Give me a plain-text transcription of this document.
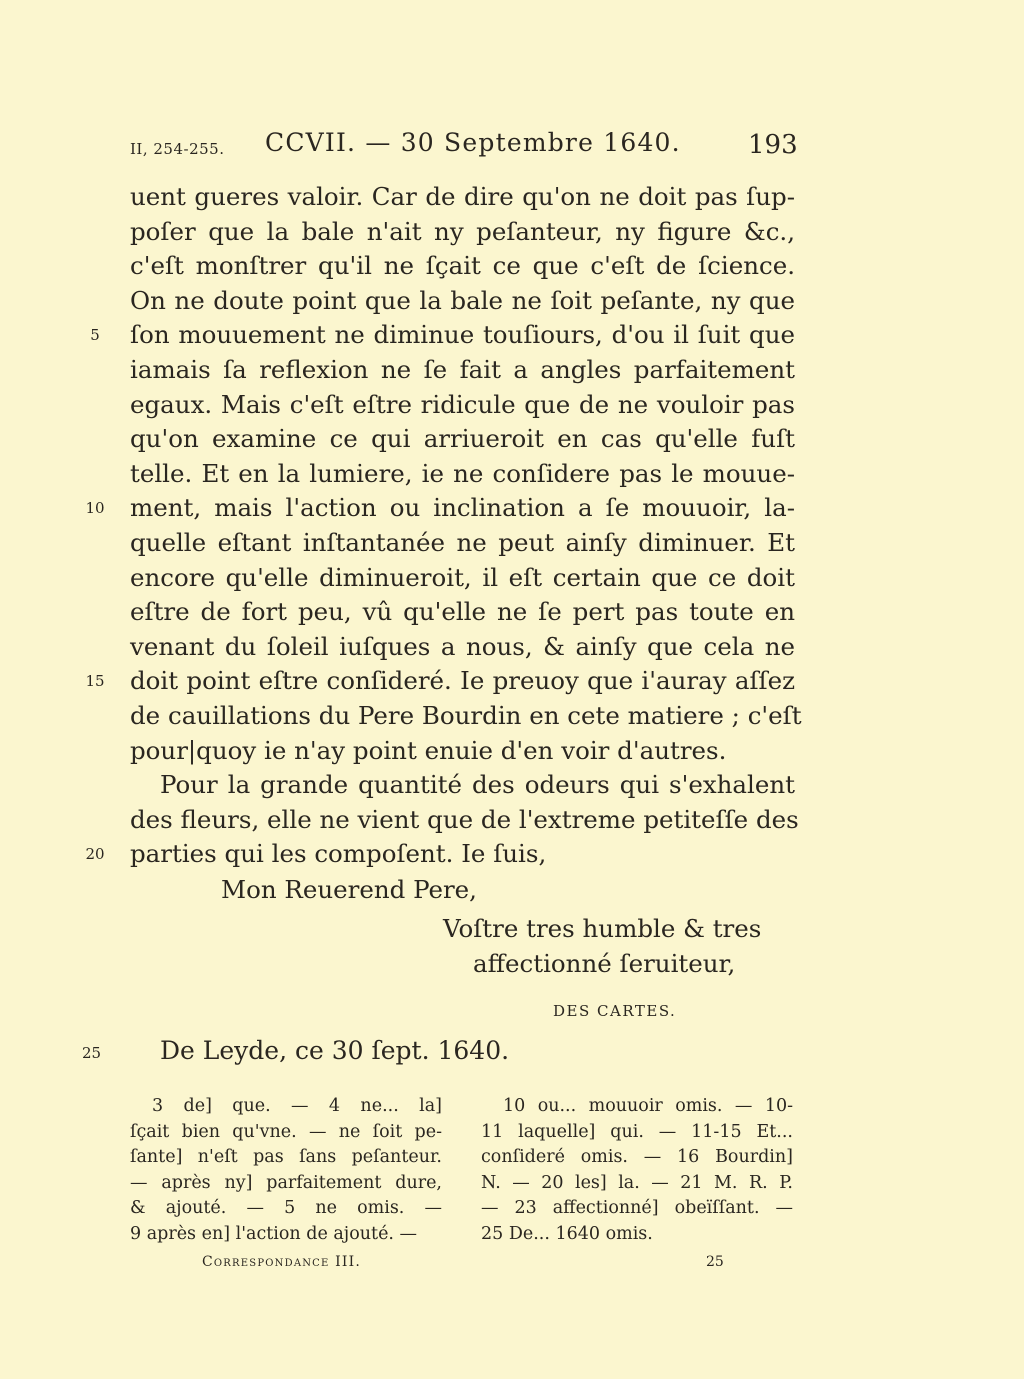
II, 254-255. CCVII. — 30 Septembre 1640.	193
uent gueres valoir. Car de dire qu'on ne doit pas ſup-
poſer que la bale n'ait ny peſanteur, ny figure &c.,
c'eſt monſtrer qu'il ne ſçait ce que c'eſt de ſcience.
On ne doute point que la bale ne ſoit peſante, ny que
5	ſon mouuement ne diminue touſiours, d'ou il ſuit que
iamais ſa reflexion ne ſe fait a angles parfaitement
egaux. Mais c'eſt eſtre ridicule que de ne vouloir pas
qu'on examine ce qui arriueroit en cas qu'elle fuſt
telle. Et en la lumiere, ie ne conſidere pas le mouue-
10 ment, mais l'action ou inclination a ſe mouuoir, la-
quelle eſtant inſtantanée ne peut ainſy diminuer. Et
encore qu'elle diminueroit, il eſt certain que ce doit
eſtre de fort peu, vû qu'elle ne ſe pert pas toute en
venant du ſoleil iuſques a nous, & ainſy que cela ne
15 doit point eſtre conſideré. Ie preuoy que i'auray aſſez
de cauillations du Pere Bourdin en cete matiere ; c'eſt
pour|quoy ie n'ay point enuie d'en voir d'autres.
Pour la grande quantité des odeurs qui s'exhalent
des fleurs, elle ne vient que de l'extreme petiteſſe des
20 parties qui les compoſent. Ie ſuis,
Mon Reuerend Pere,
Voſtre tres humble & tres
affectionné ſeruiteur,
DES CARTES.
25 De Leyde, ce 30 ſept. 1640.
3 de] que. — 4 ne... la]
ſçait bien qu'vne. — ne ſoit pe-
ſante] n'eſt pas ſans peſanteur.
— après ny] parfaitement dure,
& ajouté. — 5 ne omis. —
9 après en] l'action de ajouté. —
10 ou... mouuoir omis. — 10-
11 laquelle] qui. — 11-15 Et...
conſideré omis. — 16 Bourdin]
N. — 20 les] la. — 21 M. R. P.
— 23 affectionné] obeïſſant. —
25 De... 1640 omis.
Correspondance III.	25
